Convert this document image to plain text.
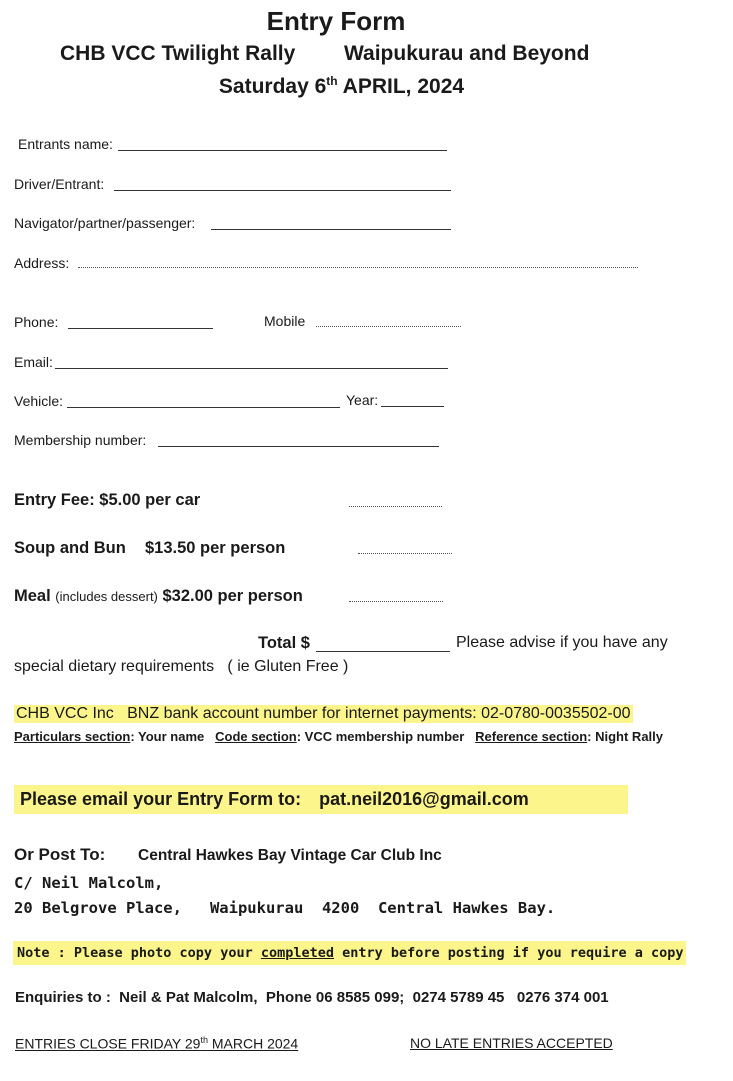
Entry Form
CHB VCC Twilight Rally Waipukurau and Beyond
Saturday 6th APRIL, 2024
Entrants name:
Driver/Entrant:
Navigator/partner/passenger:
Address:
Phone:	Mobile
Email:
Vehicle:	Year:
Membership number:
Entry Fee: $5.00 per car
Soup and Bun $13.50 per person
Meal (includes dessert) $32.00 per person
Total $	Please advise if you have any
special dietary requirements   ( ie Gluten Free )
CHB VCC Inc   BNZ bank account number for internet payments: 02-0780-0035502-00
Particulars section: Your name Code section: VCC membership number Reference section: Night Rally
Please email your Entry Form to: pat.neil2016@gmail.com
Or Post To: Central Hawkes Bay Vintage Car Club Inc
C/ Neil Malcolm,
20 Belgrove Place,   Waipukurau  4200  Central Hawkes Bay.
Note : Please photo copy your completed entry before posting if you require a copy
Enquiries to :  Neil & Pat Malcolm,  Phone 06 8585 099;  0274 5789 45   0276 374 001
ENTRIES CLOSE FRIDAY 29th MARCH 2024	NO LATE ENTRIES ACCEPTED
